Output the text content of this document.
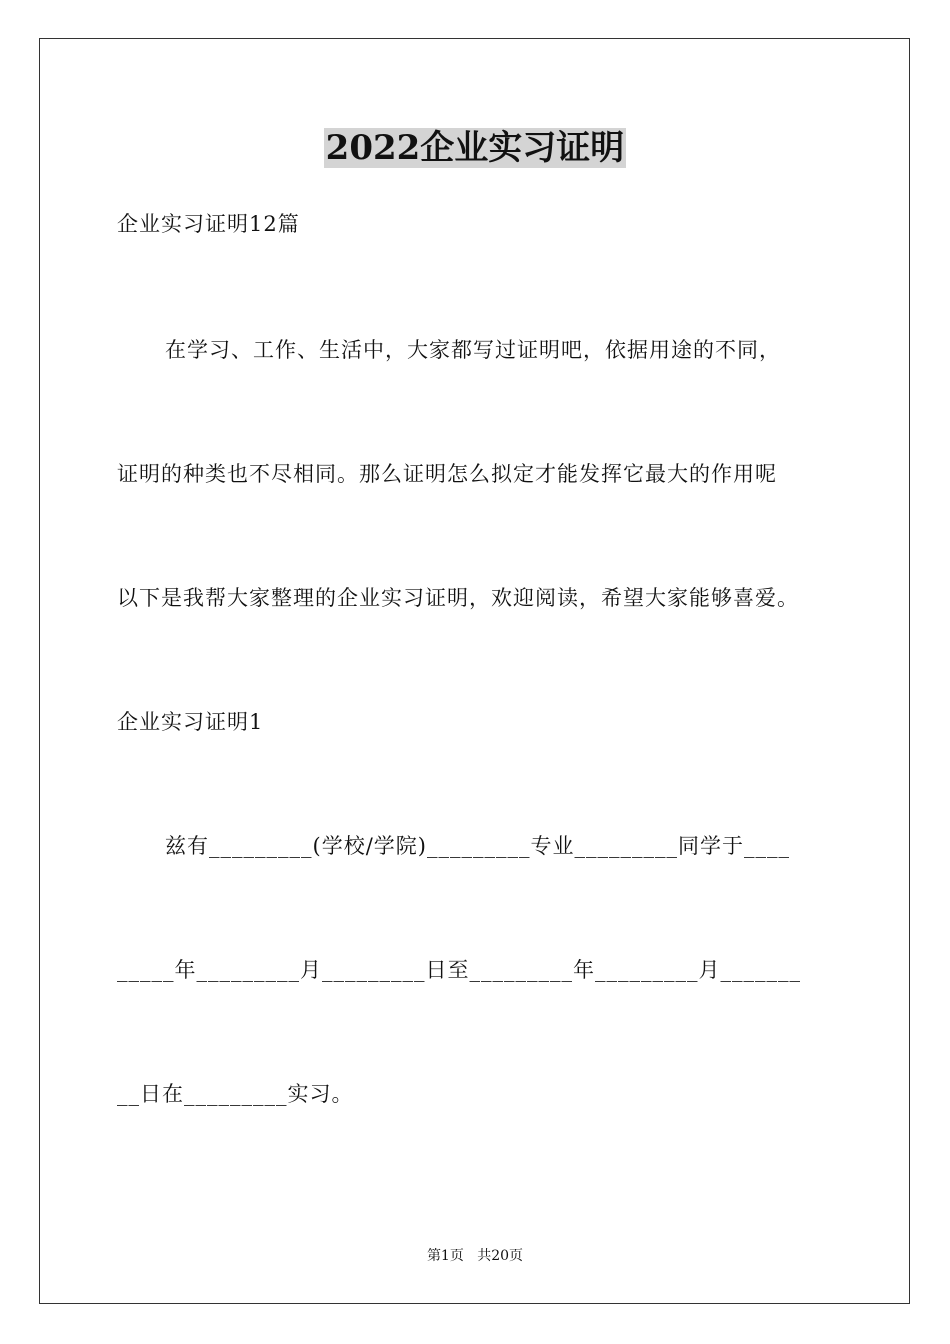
2022企业实习证明
企业实习证明12篇
在学习、工作、生活中，大家都写过证明吧，依据用途的不同，
证明的种类也不尽相同。那么证明怎么拟定才能发挥它最大的作用呢
以下是我帮大家整理的企业实习证明，欢迎阅读，希望大家能够喜爱。
企业实习证明1
兹有_________(学校/学院)_________专业_________同学于____
_____年_________月_________日至_________年_________月_______
__日在_________实习。
第1页 共20页
